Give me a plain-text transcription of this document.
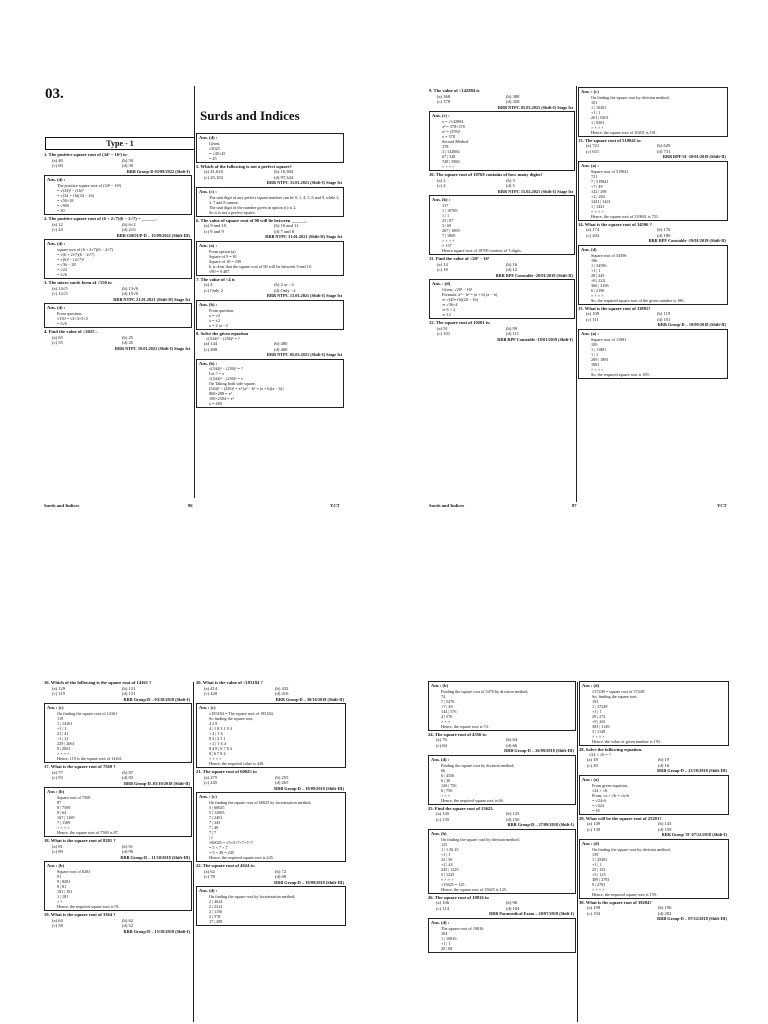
03.
Surds and Indices
Type - 1
1. The positive square root of (34² − 16²) is:
(a) 40	(b) 50
(c) 60	(d) 30
RRB Group-D 02/09/2022 (Shift-I)
Ans. (d) :
The positive square root of (34² − 16²)
= √(34)² − (16)²
= √(34 + 16)(34 − 16)
= √50×18
= √900
= 30
2. The positive square root of (6 + 2√7)(6 − 2√7) = ______.
(a) 12	(b) 6√2
(c) 24	(d) 2√6
RRB GROUP-D – 15/09/2022 (Shift-III)
Ans. (d) :
square root of (6 + 2√7)(6 − 2√7)
= √(6 + 2√7)(6 − 2√7)
= √(6)² − (2√7)²
= √36 − 28
= √24
= 2√6
3. The mixes surds form of √150 is:
(a) 14√5	(b) 13√6
(c) 12√5	(d) 15√6
RRB NTPC 21.01.2021 (Shift-II) Stage Ist
Ans. (d) :
From question,
√150 = √2×3×5×5
= 5√6
4. Find the value of √2025 .
(a) 65	(b) 25
(c) 55	(d) 45
RRB NTPC 19.01.2021 (Shift-I) Stage Ist
Ans. (d) :
Given,
√2025
= √45×45
= 45
5. Which of the following is not a perfect square?
(a) 41,616	(b) 16,384
(c) 25,102	(d) 97,344
RRB NTPC 31.01.2021 (Shift-I) Stage Ist
Ans. (c) :
The unit digit of any perfect square number can be 0, 1, 4, 5, 6 and 9, while 2, 3, 7 and 8 cannot.
The unit digit of the number given in option (c) is 2.
So it is not a perfect square.
6. The value of square root of 90 will lie between ______.
(a) 9 and 10	(b) 10 and 11
(c) 8 and 9	(d) 7 and 8
RRB NTPC 31.01.2021 (Shift-II) Stage Ist
Ans. (a) :
From option (a)
Square of 9 = 81
Square of 10 = 100
It is clear that the square root of 90 will lie between 9 and 10.
√90 = 9.487
7. The value of √4 is
(a) 4	(b) 2 or −2
(c) Only 2	(d) Only −2
RRB NTPC 13.01.2021 (Shift-I) Stage Ist
Ans. (b) :
From question,
x = √4
x = ±2
x = 2 or −2
8. Solve the given equation
√(544)² − (256)² = ?
(a) 144	(b) 480
(c) 288	(d) 400
RRB NTPC 05.03.2021 (Shift-I) Stage Ist
Ans. (b) :
√(544)² − (256)² = ?
Let ? = x
√(544)² − (256)² = x
On Taking both side square,
(544)² − (256)² = x² [a² − b² = (a + b)(a − b)]
800×288 = x²
100×2304 = x²
x = 480
Surds and Indices	86	YCT
9. The value of √142884 is
(a) 368	(b) 388
(c) 378	(d) 358
RRB NTPC 05.03.2021 (Shift-I) Stage Ist
Ans. (c) :
x = √142884
x² = 378×378
x² = (378)²
x = 378
Second Method
378
3 | 142884
67 | 528
748 | 5984
× × × ×
10. The square root of 18769 contains of how many digits?
(a) 2	(b) 3
(c) 4	(d) 5
RRB NTPC 15.02.2021 (Shift-I) Stage Ist
Ans. (b) :
137
1 | 18769
1 | 1
23 | 87
3 | 69
267 | 1869
7 | 1869
× × × ×
= 137
Hence square root of 18769 consists of 3 digits.
11. Find the value of √20² − 16²
(a) 14	(b) 16
(c) 18	(d) 12
RRB RPF Constable -20/01/2019 (Shift-II)
Ans. : (d)
Given, √20² − 16²
Formula: a² − b² = (a + b) (a − b)
⇒ √(20+16)(20 − 16)
⇒ √36×4
⇒ 6 × 2
⇒ 12
12. The square root of 10201 is:
(a) 91	(b) 99
(c) 101	(d) 111
RRB RPF Constable -18/01/2019 (Shift-I)
Ans. : (c)
On finding the square root by division method,
101
1 | 10201
+1 | 1
201 | 0201
1 | 0201
× × × ×
Hence, the square root of 10201 is 101.
13. The square root of 519841 is:
(a) 721	(b) 629
(c) 631	(d) 731
RRB RPF SI -10/01/2019 (Shift-II)
Ans. (a) :
Square root of 519841
721
7 | 519841
+7 | 49
142 | 298
+2 | 284
1441 | 1441
1 | 1441
× × × ×
Hence, the square root of 519841 is 721.
14. What is the square root of 34596 ?
(a) 174	(b) 176
(c) 204	(d) 186
RRB RPF Constable -19/01/2019 (Shift-II)
Ans. (d)
Square root of 34596
186
1 | 34596
+1 | 1
28 | 245
+8 | 224
366 | 2196
6 | 2196
× × × ×
So, the required square root of the given number is 186.
15. What is the square root of 11881?
(a) 109	(b) 119
(c) 111	(d) 101
RRB Group-D – 19/09/2018 (Shift-II)
Ans. (a) :
Square root of 11881
109
1 | 11881
1 | 1
209 | 1881
1881
× × × ×
So, the required square root is 109.
Surds and Indices	87	YCT
16. Which of the following is the square root of 14161 ?
(a) 129	(b) 121
(c) 119	(d) 131
RRB Group-D – 03/10/2018 (Shift-I)
Ans : (c)
On finding the square root of 14161
119
1 | 14161
+1 | 1
21 | 41
+1 | 21
229 | 2061
9 | 2061
× × × ×
Hence, 119 is the square root of 14161.
17. What is the square root of 7569 ?
(a) 77	(b) 87
(c) 93	(d) 83
RRB Group-D–03/10/2018 (Shift-II)
Ans : (b)
Square root of 7569
87
8 | 7569
8 | 64
167 | 1169
7 | 1169
× × × ×
Hence, the square root of 7569 is 87.
18. What is the square root of 8281 ?
(a) 81	(b) 91
(c) 89	(d) 99
RRB Group-D – 11/10/2018 (Shift-III)
Ans : (b)
Square root of 8281
91
9 | 8281
9 | 81
181 | 181
1 | 181
× ×
Hence, the required square root is 91.
19. What is the square root of 3364 ?
(a) 64	(b) 62
(c) 58	(d) 52
RRB Group-D – 15/10/2018 (Shift-I)
20. What is the value of √183184 ?
(a) 414	(b) 432
(c) 428	(d) 416
RRB Group-D – 30/10/2018 (Shift-II)
Ans : (c)
√183184 = The square root of 183184,
So finding the square root,
4 2 8
4 | 1 8 3 1 8 4
+ 4 | 1 6
8 2 | 2 3 1
+ 2 | 1 6 4
8 4 8 | 6 7 8 4
8 | 6 7 8 4
× × × ×
Hence, the required value is 428.
21. The square root of 60025 is:
(a) 275	(b) 255
(c) 245	(d) 265
RRB Group-D – 19/09/2018 (Shift-III)
Ans. : (c)
On finding the square root of 60025 by factorization method,
5 | 60025
5 | 12005
7 | 2401
7 | 343
7 | 49
7 | 7
| 1
√60025 = √5×5×7×7×7×7
= 5 × 7 × 7
= 5 × 49 = 245
Hence, the required square root is 245.
22. The square root of 4624 is:
(a) 62	(b) 72
(c) 78	(d) 68
RRB Group-D – 19/09/2018 (Shift-III)
Ans. (d) :
On finding the square root by factorization method,
2 | 4624
2 | 2312
2 | 1156
2 | 578
17 | 289
Ans : (b)
Finding the square root of 5476 by division method,
74
7 | 5476
+7 | 49
144 | 576
4 | 576
× × ×
Hence, the square root is 74.
24. The square root of 4356 is:
(a) 76	(b) 64
(c) 84	(d) 66
RRB Group-D – 26/09/2018 (Shift-III)
Ans. (d) :
Finding the square root by division method,
66
6 | 4356
6 | 36
126 | 756
6 | 756
× × ×
Hence, the required square root is 66.
25. Find the square root of 15625.
(a) 145	(b) 125
(c) 135	(d) 150
RRB Group-D – 27/09/2018 (Shift-I)
Ans. (b)
On finding the square root by division method,
125
1 | 1 56 25
+1 | 1
22 | 56
+2 | 44
245 | 1225
5 | 1225
× × × ×
√15625 = 125
Hence, the square root of 15625 is 125.
26. The square root of 10816 is:
(a) 106	(b) 96
(c) 114	(d) 104
RRB Paramedical Exam – 20/07/2018 (Shift-I)
Ans. (d) :
The square root of 10816
104
1 | 10816
+1 | 1
20 | 08
Ans : (d)
√37249 = square root of 37249.
So, finding the square root,
193
1 | 37249
+1 | 1
29 | 272
+9 | 261
383 | 1149
3 | 1149
× × × ×
Hence, the value of given number is 193.
28. Solve the following equation.
√24 × √6 = ?
(a) 18	(b) 19
(c) 20	(d) 16
RRB Group-D – 23/10/2018 (Shift-III)
Ans : (a)
From given equation,
√24 × √6
From, √a × √b = √a×b
= √24×6
= √324
= 18
29. What will be the square root of 25281?
(a) 149	(b) 143
(c) 139	(d) 159
RRB Group 'D' 07/12/2018 (Shift-I)
Ans : (d)
On finding the square root by division method,
159
1 | 25281
+1 | 1
25 | 152
+5 | 125
309 | 2781
9 | 2781
× × × ×
Hence, the required square root is 159.
30. What is the square root of 39204?
(a) 198	(b) 196
(c) 194	(d) 202
RRB Group-D – 07/12/2018 (Shift-III)
